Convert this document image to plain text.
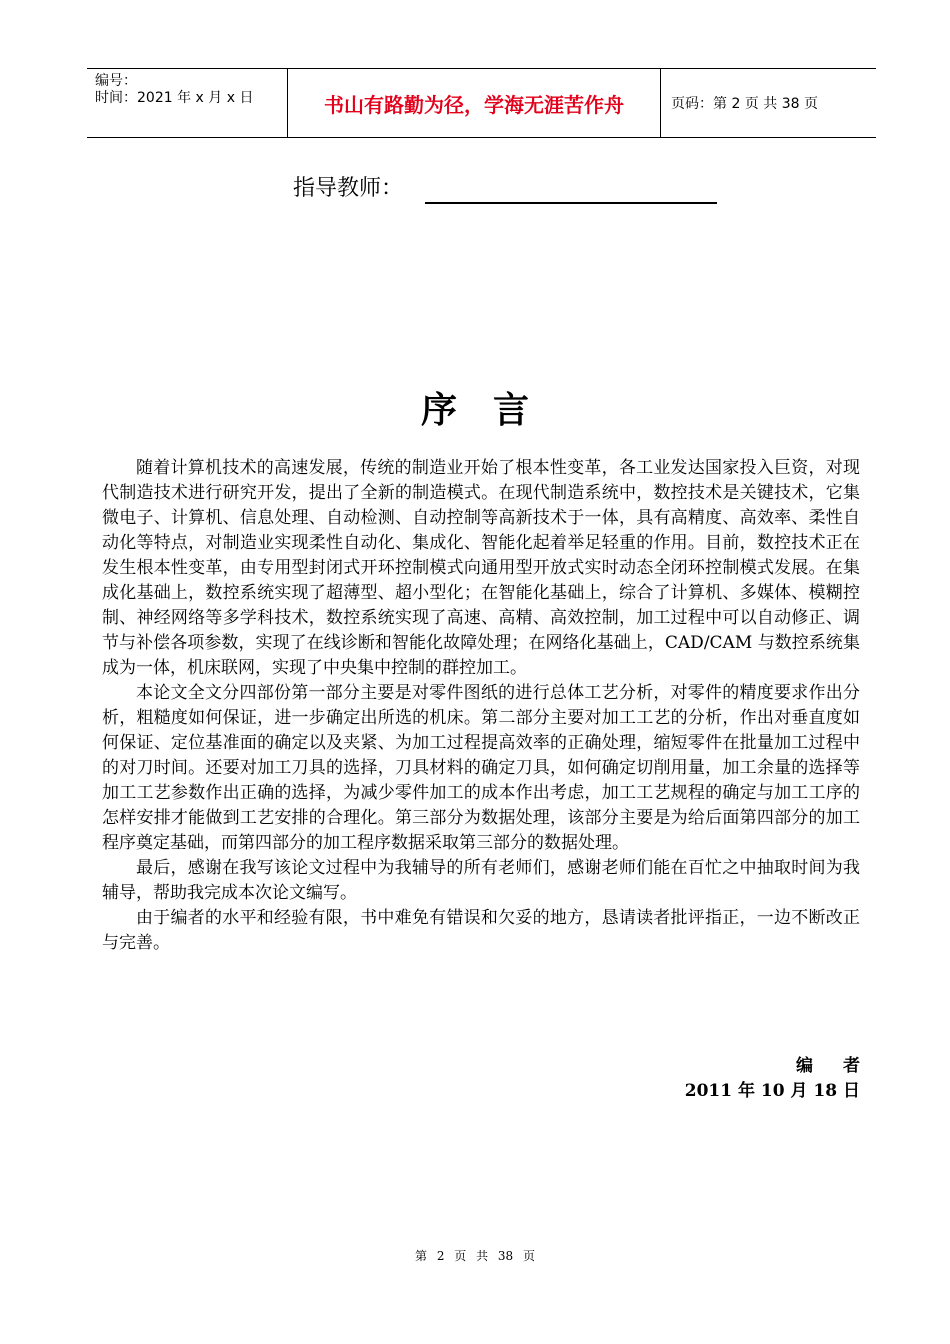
编号：
时间：2021 年 x 月 x 日	书山有路勤为径，学海无涯苦作舟	页码：第 2 页 共 38 页
指导教师：
序言

随着计算机技术的高速发展，传统的制造业开始了根本性变革，各工业发达国家投入巨资，对现代制造技术进行研究开发，提出了全新的制造模式。在现代制造系统中，数控技术是关键技术，它集微电子、计算机、信息处理、自动检测、自动控制等高新技术于一体，具有高精度、高效率、柔性自动化等特点，对制造业实现柔性自动化、集成化、智能化起着举足轻重的作用。目前，数控技术正在发生根本性变革，由专用型封闭式开环控制模式向通用型开放式实时动态全闭环控制模式发展。在集成化基础上，数控系统实现了超薄型、超小型化；在智能化基础上，综合了计算机、多媒体、模糊控制、神经网络等多学科技术，数控系统实现了高速、高精、高效控制，加工过程中可以自动修正、调节与补偿各项参数，实现了在线诊断和智能化故障处理；在网络化基础上，CAD/CAM 与数控系统集成为一体，机床联网，实现了中央集中控制的群控加工。

本论文全文分四部份第一部分主要是对零件图纸的进行总体工艺分析，对零件的精度要求作出分析，粗糙度如何保证，进一步确定出所选的机床。第二部分主要对加工工艺的分析，作出对垂直度如何保证、定位基准面的确定以及夹紧、为加工过程提高效率的正确处理，缩短零件在批量加工过程中的对刀时间。还要对加工刀具的选择，刀具材料的确定刀具，如何确定切削用量，加工余量的选择等加工工艺参数作出正确的选择，为减少零件加工的成本作出考虑，加工工艺规程的确定与加工工序的怎样安排才能做到工艺安排的合理化。第三部分为数据处理，该部分主要是为给后面第四部分的加工程序奠定基础，而第四部分的加工程序数据采取第三部分的数据处理。

最后，感谢在我写该论文过程中为我辅导的所有老师们，感谢老师们能在百忙之中抽取时间为我辅导，帮助我完成本次论文编写。

由于编者的水平和经验有限，书中难免有错误和欠妥的地方，恳请读者批评指正，一边不断改正与完善。

编者
2011 年 10 月 18 日
第 2 页 共 38 页
